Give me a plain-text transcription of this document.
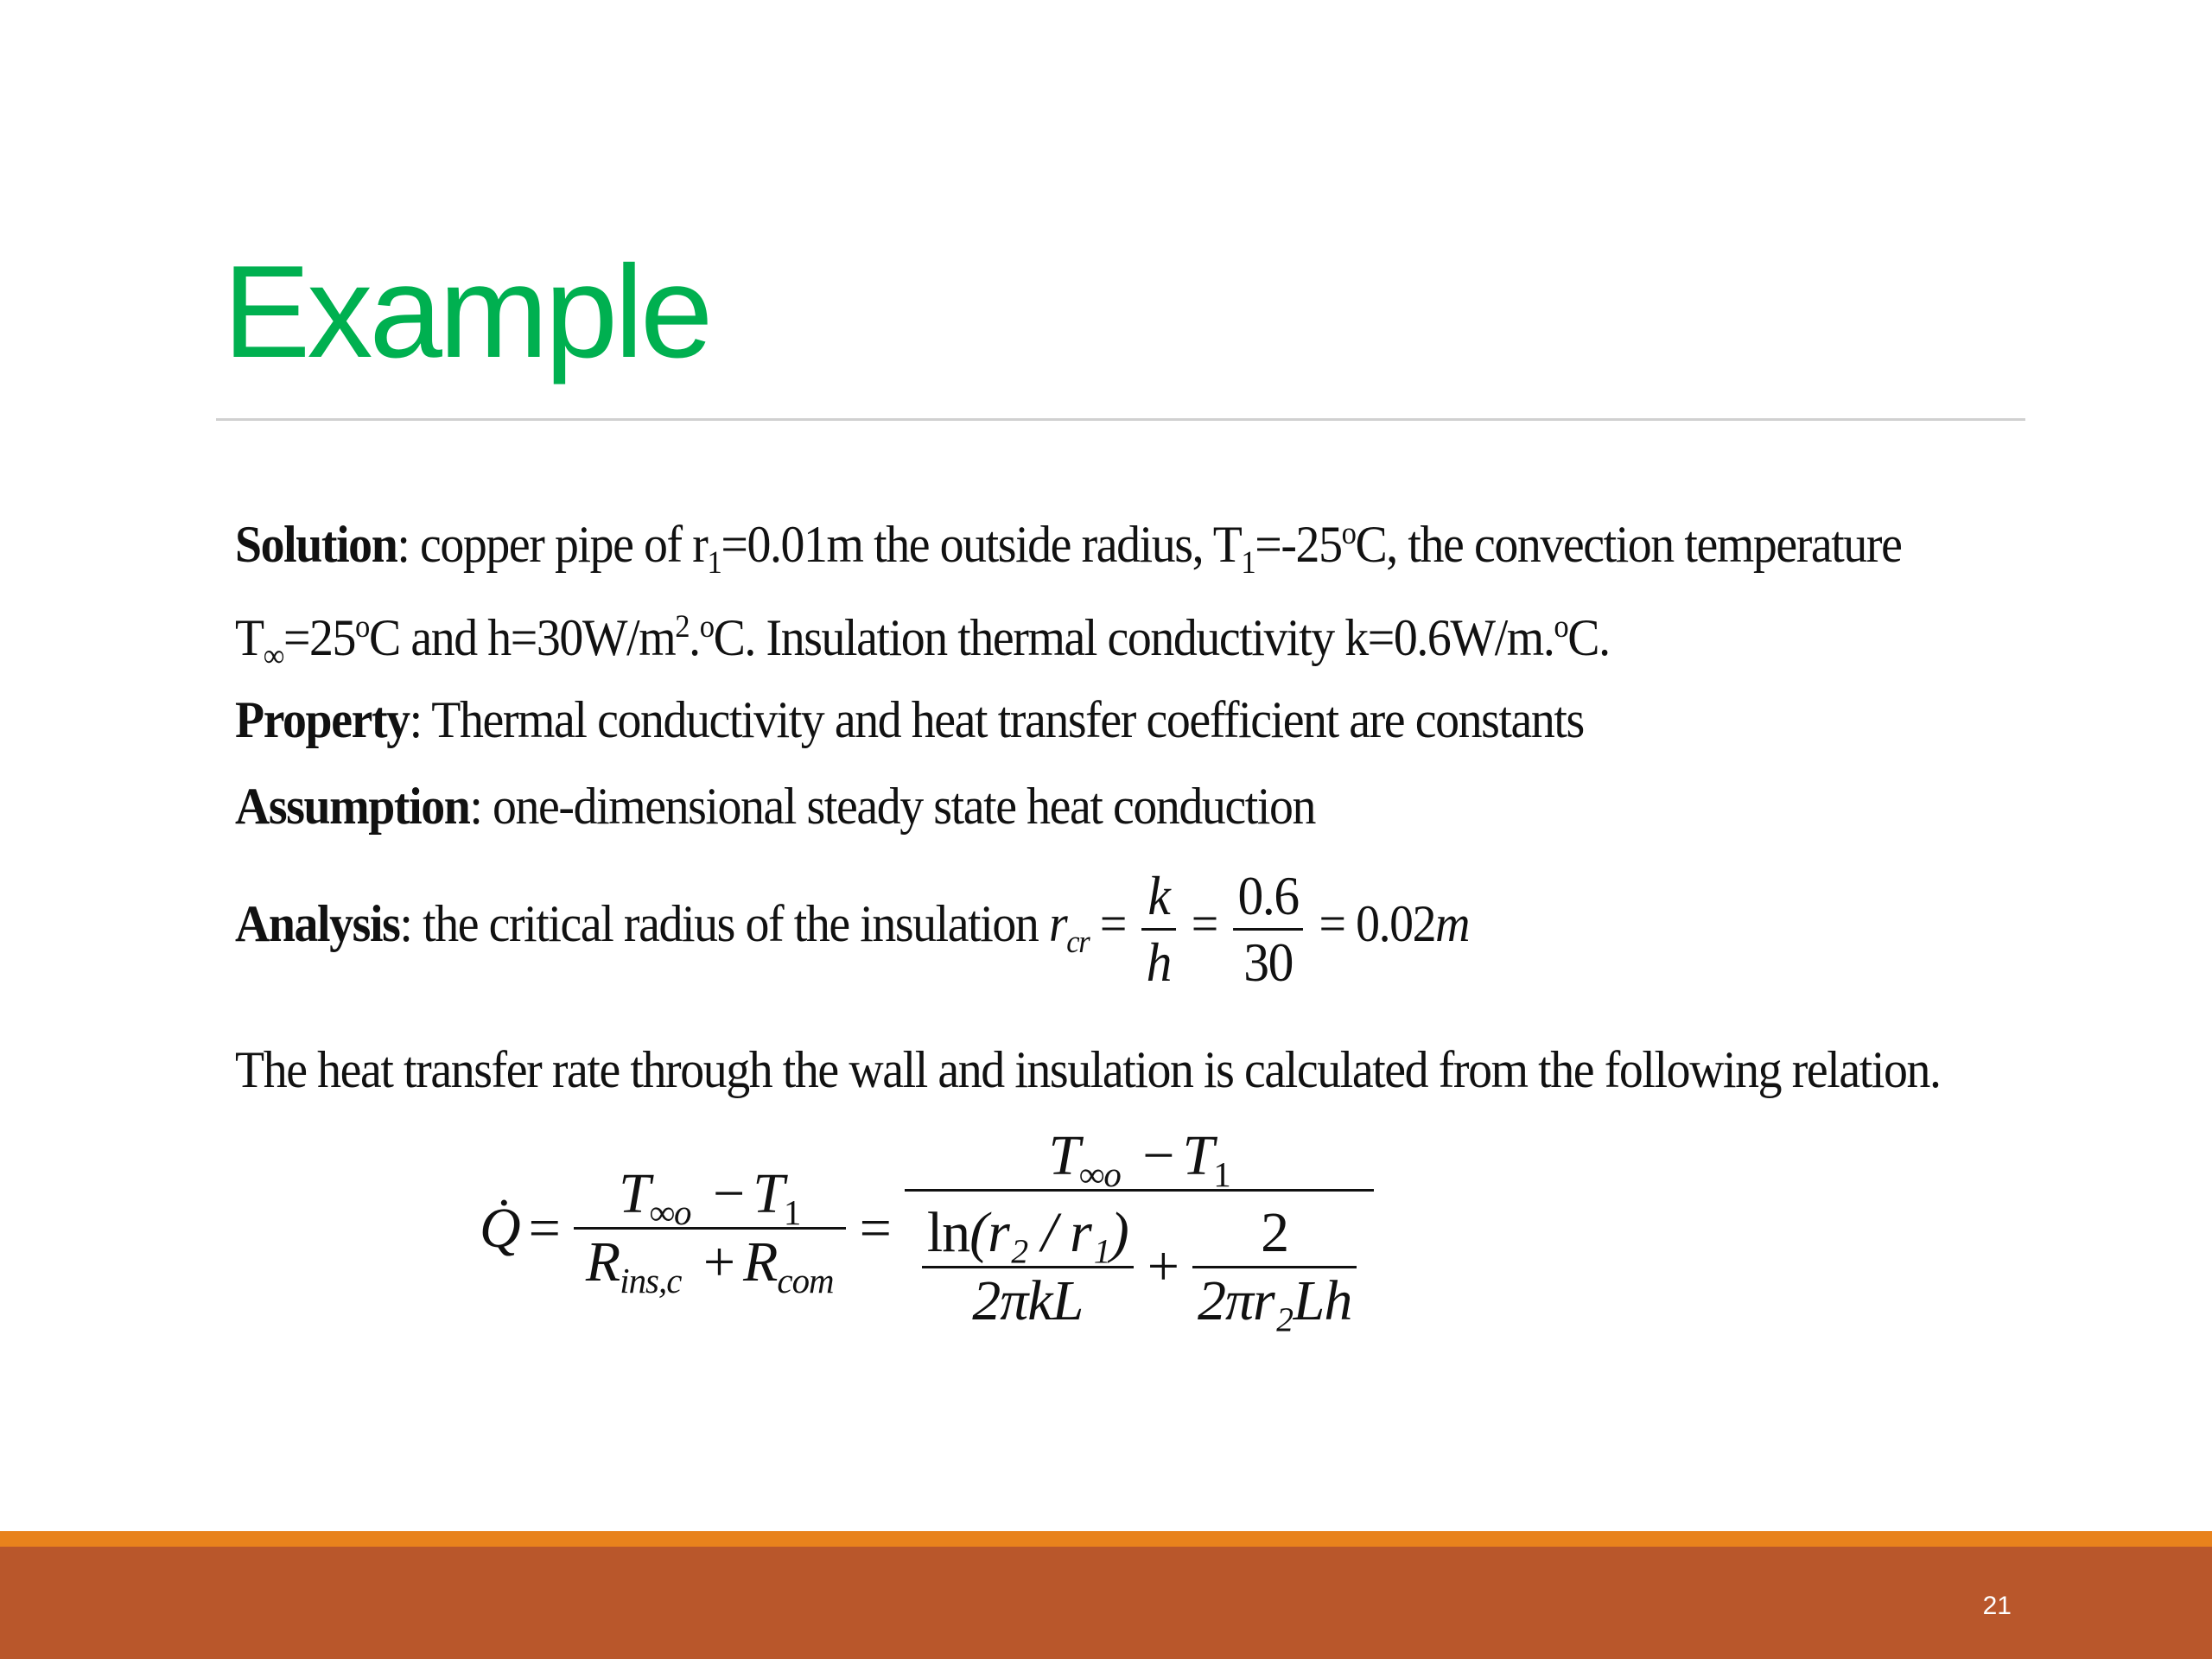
Example
Solution: copper pipe of $r_1=0.01m$ the outside radius, $T_1=-25^oC$, the convection temperature
$T_\infty=25^oC$ and $h=30W/m^2.^oC$. Insulation thermal conductivity k=0.6W/m.$^o$C.
Property: Thermal conductivity and heat transfer coefficient are constants
Assumption: one-dimensional steady state heat conduction
Analysis: the critical radius of the insulation $r_{cr} = \frac{k}{h} = \frac{0.6}{30} = 0.02m$
The heat transfer rate through the wall and insulation is calculated from the following relation.
Q̇ = $\frac{T_{\infty o} - T_1}{R_{ins,c} + R_{com}} = \frac{T_{\infty o} - T_1}{\frac{\text{ln(r₂ / r₁)}}{\text{2πkL}} + \frac{2}{\text{2πr₂Lh}}}$
21
